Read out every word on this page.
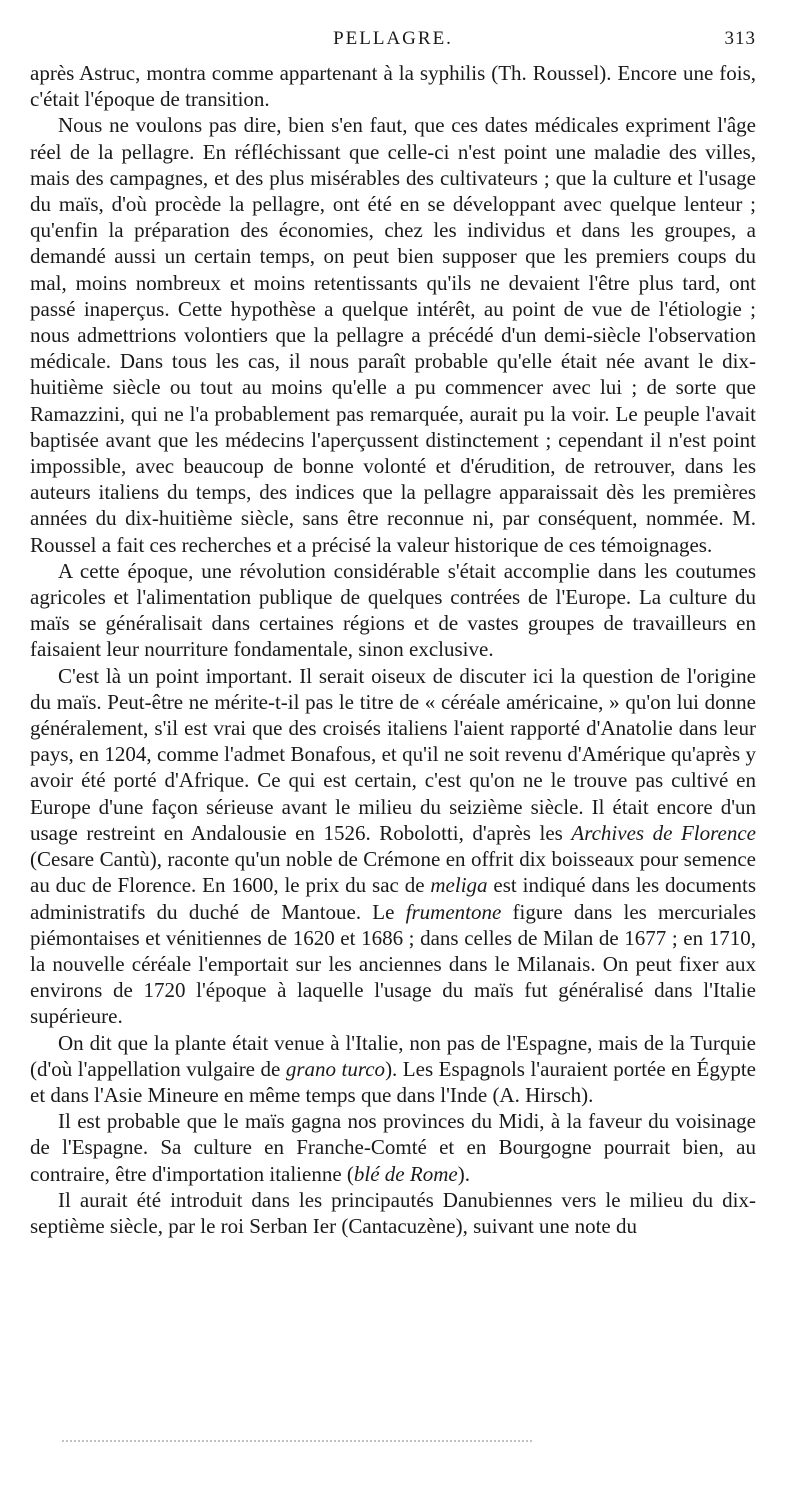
PELLAGRE.	313

après Astruc, montra comme appartenant à la syphilis (Th. Roussel). Encore une fois, c'était l'époque de transition.

Nous ne voulons pas dire, bien s'en faut, que ces dates médicales expriment l'âge réel de la pellagre. En réfléchissant que celle-ci n'est point une maladie des villes, mais des campagnes, et des plus misérables des cultivateurs ; que la culture et l'usage du maïs, d'où procède la pellagre, ont été en se développant avec quelque lenteur ; qu'enfin la préparation des économies, chez les individus et dans les groupes, a demandé aussi un certain temps, on peut bien supposer que les premiers coups du mal, moins nombreux et moins retentissants qu'ils ne devaient l'être plus tard, ont passé inaperçus. Cette hypothèse a quelque intérêt, au point de vue de l'étiologie ; nous admettrions volontiers que la pellagre a précédé d'un demi-siècle l'observation médicale. Dans tous les cas, il nous paraît probable qu'elle était née avant le dix-huitième siècle ou tout au moins qu'elle a pu commencer avec lui ; de sorte que Ramazzini, qui ne l'a probablement pas remarquée, aurait pu la voir. Le peuple l'avait baptisée avant que les médecins l'aperçussent distinctement ; cependant il n'est point impossible, avec beaucoup de bonne volonté et d'érudition, de retrouver, dans les auteurs italiens du temps, des indices que la pellagre apparaissait dès les premières années du dix-huitième siècle, sans être reconnue ni, par conséquent, nommée. M. Roussel a fait ces recherches et a précisé la valeur historique de ces témoignages.

A cette époque, une révolution considérable s'était accomplie dans les coutumes agricoles et l'alimentation publique de quelques contrées de l'Europe. La culture du maïs se généralisait dans certaines régions et de vastes groupes de travailleurs en faisaient leur nourriture fondamentale, sinon exclusive.

C'est là un point important. Il serait oiseux de discuter ici la question de l'origine du maïs. Peut-être ne mérite-t-il pas le titre de « céréale américaine, » qu'on lui donne généralement, s'il est vrai que des croisés italiens l'aient rapporté d'Anatolie dans leur pays, en 1204, comme l'admet Bonafous, et qu'il ne soit revenu d'Amérique qu'après y avoir été porté d'Afrique. Ce qui est certain, c'est qu'on ne le trouve pas cultivé en Europe d'une façon sérieuse avant le milieu du seizième siècle. Il était encore d'un usage restreint en Andalousie en 1526. Robolotti, d'après les Archives de Florence (Cesare Cantù), raconte qu'un noble de Crémone en offrit dix boisseaux pour semence au duc de Florence. En 1600, le prix du sac de meliga est indiqué dans les documents administratifs du duché de Mantoue. Le frumentone figure dans les mercuriales piémontaises et vénitiennes de 1620 et 1686 ; dans celles de Milan de 1677 ; en 1710, la nouvelle céréale l'emportait sur les anciennes dans le Milanais. On peut fixer aux environs de 1720 l'époque à laquelle l'usage du maïs fut généralisé dans l'Italie supérieure.

On dit que la plante était venue à l'Italie, non pas de l'Espagne, mais de la Turquie (d'où l'appellation vulgaire de grano turco). Les Espagnols l'auraient portée en Égypte et dans l'Asie Mineure en même temps que dans l'Inde (A. Hirsch).

Il est probable que le maïs gagna nos provinces du Midi, à la faveur du voisinage de l'Espagne. Sa culture en Franche-Comté et en Bourgogne pourrait bien, au contraire, être d'importation italienne (blé de Rome).

Il aurait été introduit dans les principautés Danubiennes vers le milieu du dix-septième siècle, par le roi Serban Ier (Cantacuzène), suivant une note du
